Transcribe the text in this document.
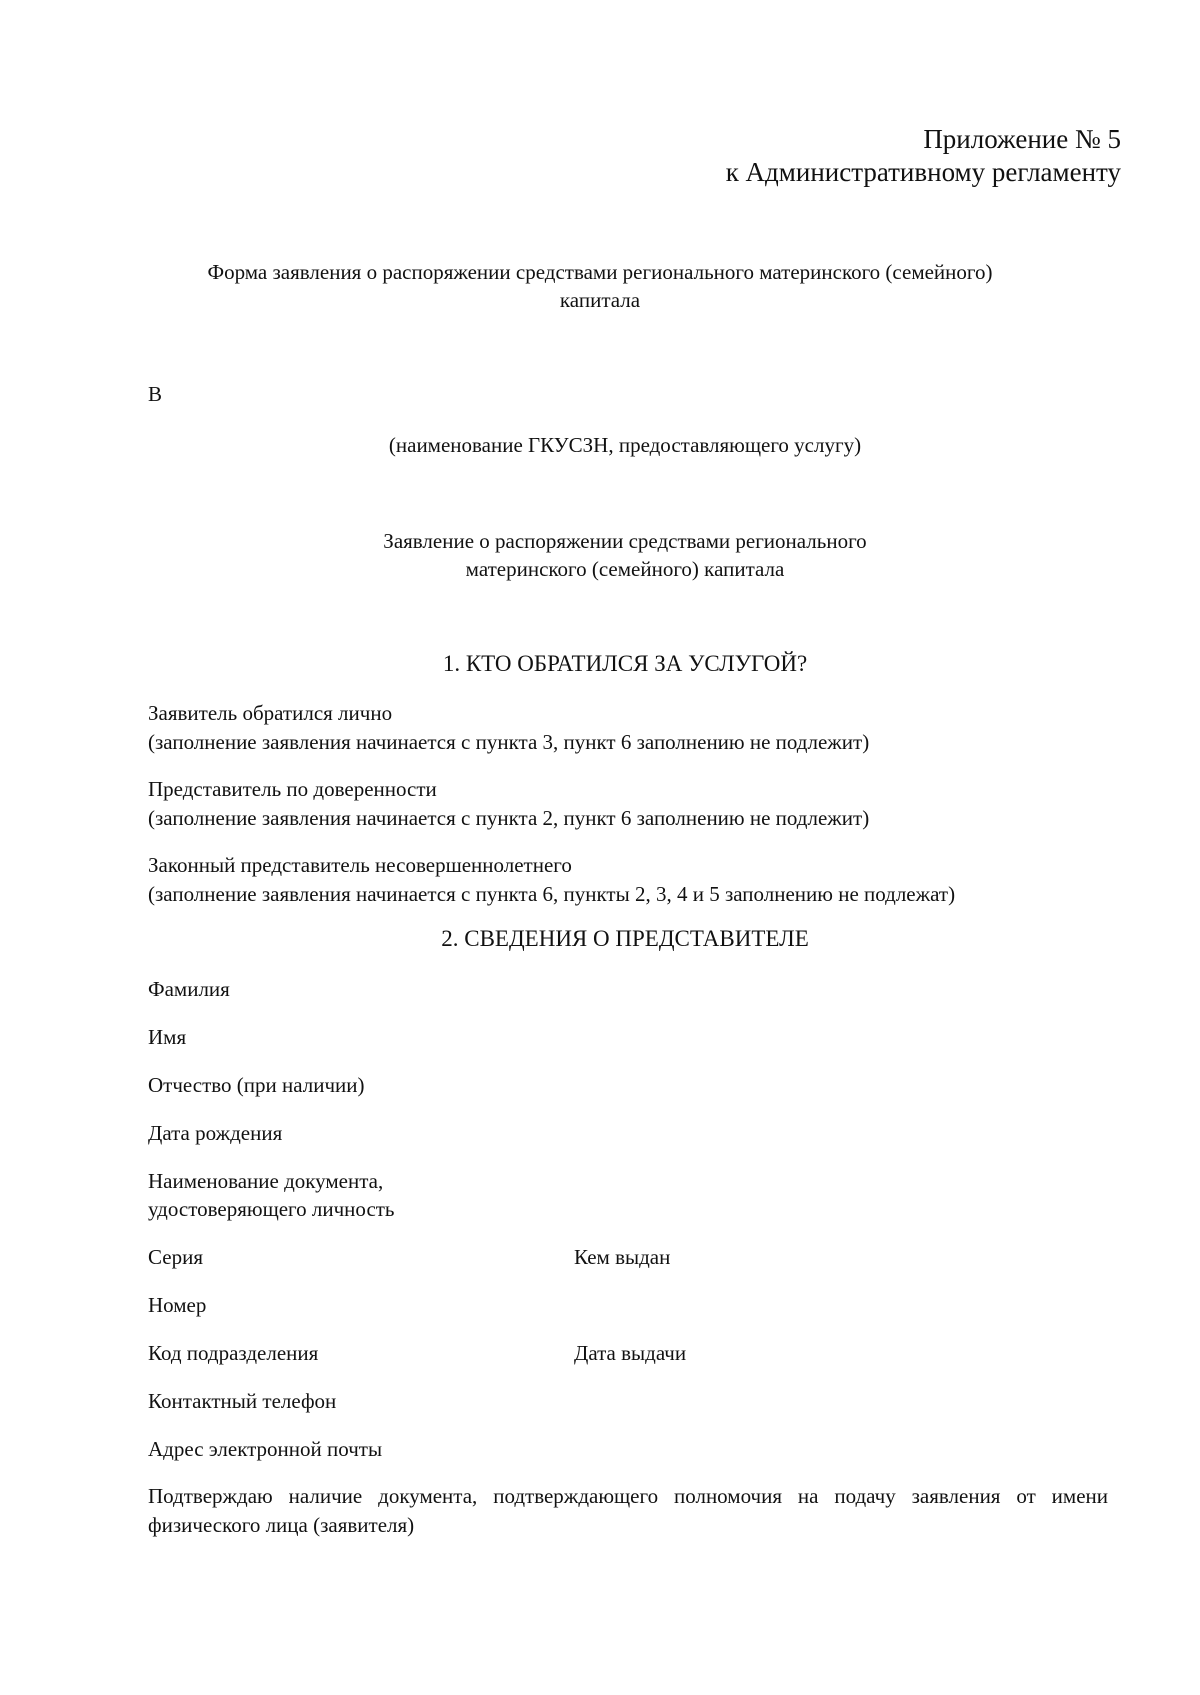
Приложение № 5
к Административному регламенту
Форма заявления о распоряжении средствами регионального материнского (семейного)
капитала
В
(наименование ГКУСЗН, предоставляющего услугу)
Заявление о распоряжении средствами регионального
материнского (семейного) капитала
1. КТО ОБРАТИЛСЯ ЗА УСЛУГОЙ?
Заявитель обратился лично
(заполнение заявления начинается с пункта 3, пункт 6 заполнению не подлежит)
Представитель по доверенности
(заполнение заявления начинается с пункта 2, пункт 6 заполнению не подлежит)
Законный представитель несовершеннолетнего
(заполнение заявления начинается с пункта 6, пункты 2, 3, 4 и 5 заполнению не подлежат)
2. СВЕДЕНИЯ О ПРЕДСТАВИТЕЛЕ
Фамилия
Имя
Отчество (при наличии)
Дата рождения
Наименование документа,
удостоверяющего личность
Серия	Кем выдан
Номер
Код подразделения	Дата выдачи
Контактный телефон
Адрес электронной почты
Подтверждаю наличие документа, подтверждающего полномочия на подачу заявления от имени физического лица (заявителя)
